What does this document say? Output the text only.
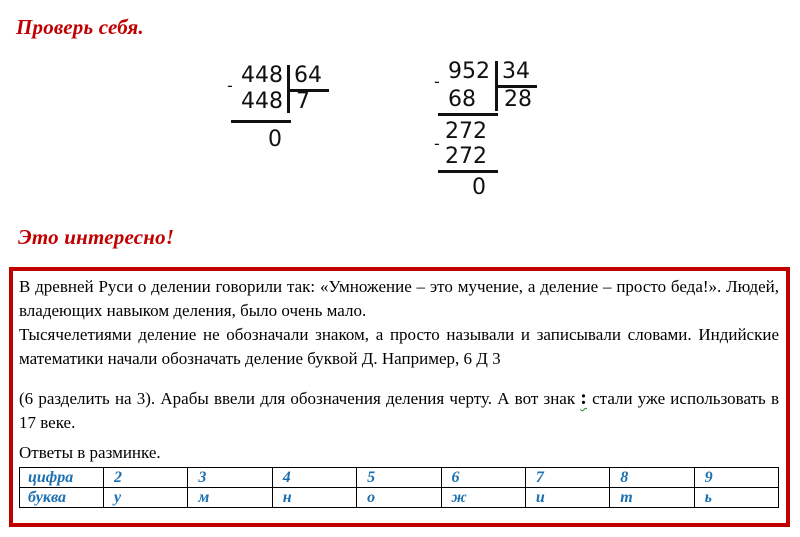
Проверь себя.
- 448 64
448 7
0
- 952 34
68 28
- 272
272
0
Это интересно!
В древней Руси о делении говорили так: «Умножение – это мучение, а деление – просто беда!». Людей, владеющих навыком деления, было очень мало.
Тысячелетиями деление не обозначали знаком, а просто называли и записывали словами. Индийские математики начали обозначать деление буквой Д. Например, 6 Д 3
(6 разделить на 3). Арабы ввели для обозначения деления черту. А вот знак : стали уже использовать в 17 веке.
Ответы в разминке.
цифра	2	3	4	5	6	7	8	9
буква	у	м	н	о	ж	и	т	ь
